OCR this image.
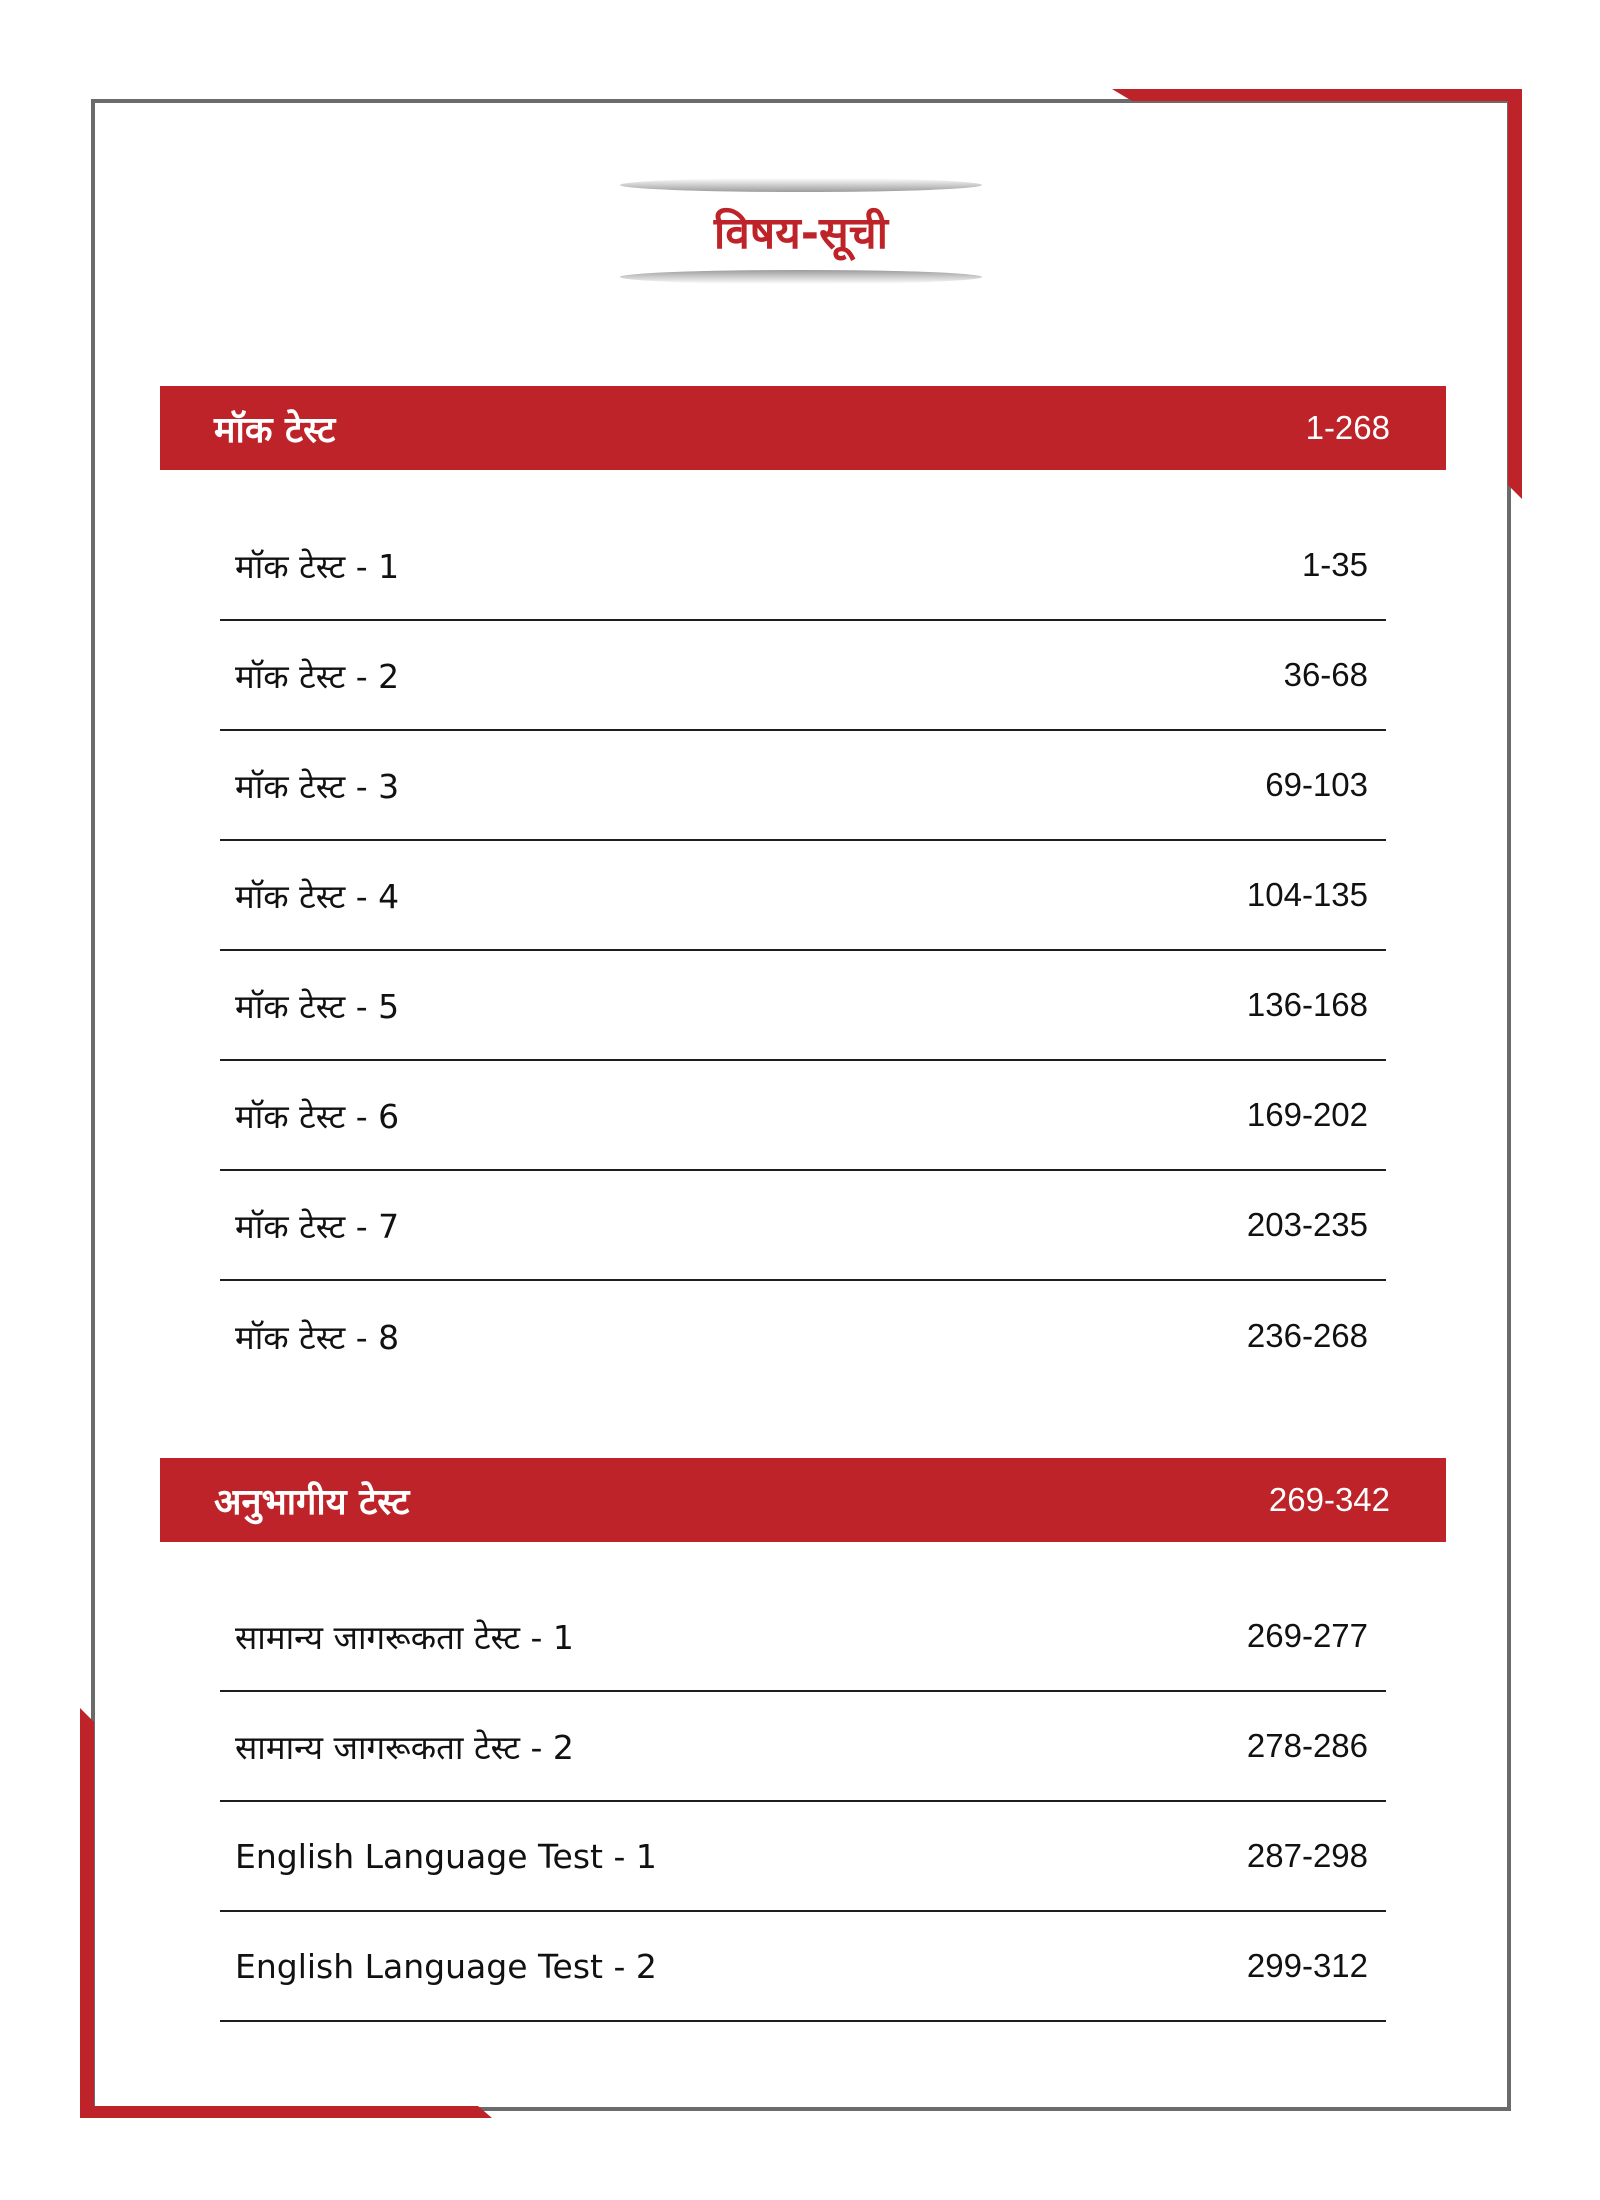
विषय-सूची
मॉक टेस्ट	1-268
मॉक टेस्ट - 1	1-35
मॉक टेस्ट - 2	36-68
मॉक टेस्ट - 3	69-103
मॉक टेस्ट - 4	104-135
मॉक टेस्ट - 5	136-168
मॉक टेस्ट - 6	169-202
मॉक टेस्ट - 7	203-235
मॉक टेस्ट - 8	236-268
अनुभागीय टेस्ट	269-342
सामान्य जागरूकता टेस्ट - 1	269-277
सामान्य जागरूकता टेस्ट - 2	278-286
English Language Test - 1	287-298
English Language Test - 2	299-312
